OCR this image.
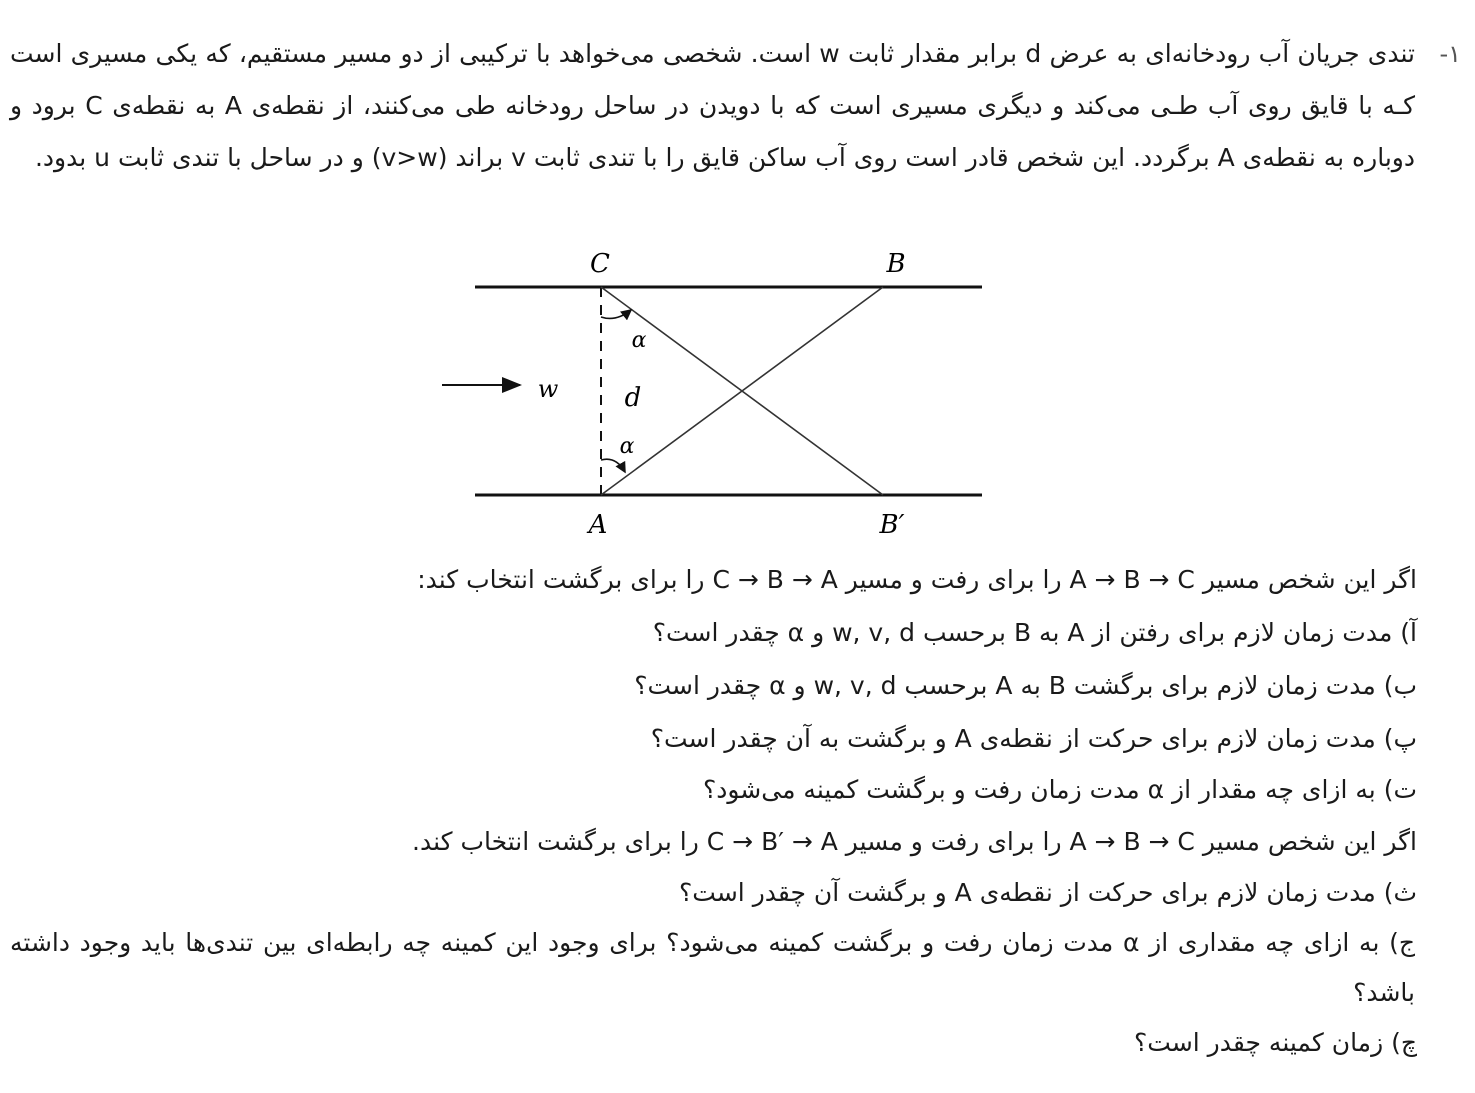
۱-
تندی جریان آب رودخانه‌ای به عرض d برابر مقدار ثابت w است. شخصی می‌خواهد با ترکیبی از دو مسیر مستقیم، که یکی مسیری است کـه با قایق روی آب طـی می‌کند و دیگری مسیری است که با دویدن در ساحل رودخانه طی می‌کنند، از نقطه‌ی A به نقطه‌ی C برود و دوباره به نقطه‌ی A برگردد. این شخص قادر است روی آب ساکن قایق را با تندی ثابت v براند (v>w) و در ساحل با تندی ثابت u بدود.
C	B
A	B′
w	d
α
α
اگر این شخص مسیر A → B → C را برای رفت و مسیر C → B → A را برای برگشت انتخاب کند:
آ) مدت زمان لازم برای رفتن از A به B برحسب w, v, d و α چقدر است؟
ب) مدت زمان لازم برای برگشت B به A برحسب w, v, d و α چقدر است؟
پ) مدت زمان لازم برای حرکت از نقطه‌ی A و برگشت به آن چقدر است؟
ت) به ازای چه مقدار از α مدت زمان رفت و برگشت کمینه می‌شود؟
اگر این شخص مسیر A → B → C را برای رفت و مسیر C → B′ → A را برای برگشت انتخاب کند.
ث) مدت زمان لازم برای حرکت از نقطه‌ی A و برگشت آن چقدر است؟
ج) به ازای چه مقداری از α مدت زمان رفت و برگشت کمینه می‌شود؟ برای وجود این کمینه چه رابطه‌ای بین تندی‌ها باید وجود داشته باشد؟
چ) زمان کمینه چقدر است؟
